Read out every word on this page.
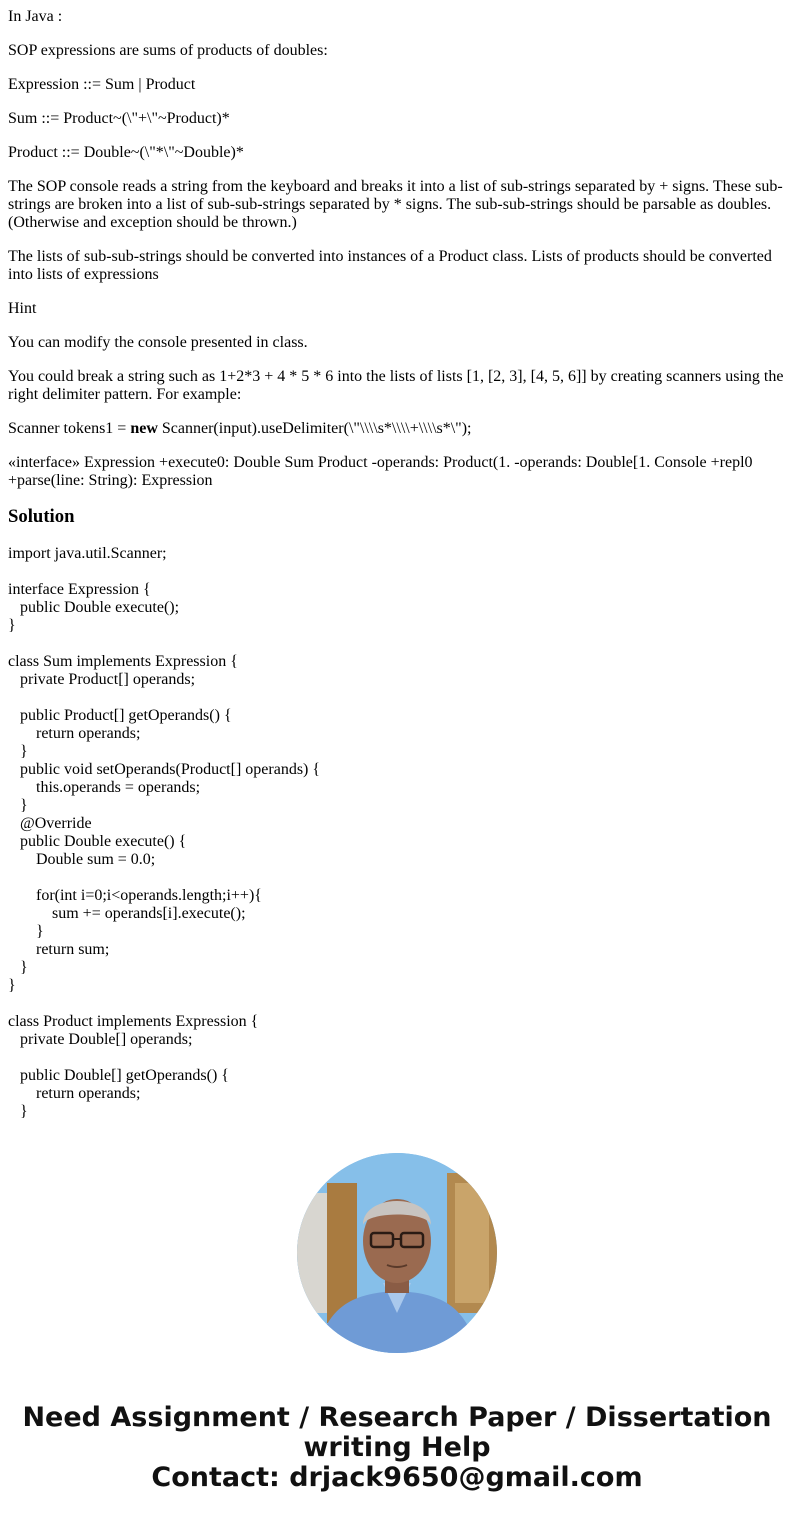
In Java :

SOP expressions are sums of products of doubles:

Expression ::= Sum | Product

Sum ::= Product~(\"+\"~Product)*

Product ::= Double~(\"*\"~Double)*

The SOP console reads a string from the keyboard and breaks it into a list of sub-strings separated by + signs. These sub-strings are broken into a list of sub-sub-strings separated by * signs. The sub-sub-strings should be parsable as doubles. (Otherwise and exception should be thrown.)

The lists of sub-sub-strings should be converted into instances of a Product class. Lists of products should be converted into lists of expressions

Hint

You can modify the console presented in class.

You could break a string such as 1+2*3 + 4 * 5 * 6 into the lists of lists [1, [2, 3], [4, 5, 6]] by creating scanners using the right delimiter pattern. For example:

Scanner tokens1 = new Scanner(input).useDelimiter(\"\\\\s*\\\\+\\\\s*\");

«interface» Expression +execute0: Double Sum Product -operands: Product(1. -operands: Double[1. Console +repl0 +parse(line: String): Expression

Solution
import java.util.Scanner;
interface Expression {
public Double execute();
}
class Sum implements Expression {
private Product[] operands;
public Product[] getOperands() {
return operands;
}
public void setOperands(Product[] operands) {
this.operands = operands;
}
@Override
public Double execute() {
Double sum = 0.0;
for(int i=0;i<operands.length;i++){
sum += operands[i].execute();
}
return sum;
}
}
class Product implements Expression {
private Double[] operands;
public Double[] getOperands() {
return operands;
}
Need Assignment / Research Paper / Dissertation
writing Help
Contact: drjack9650@gmail.com
